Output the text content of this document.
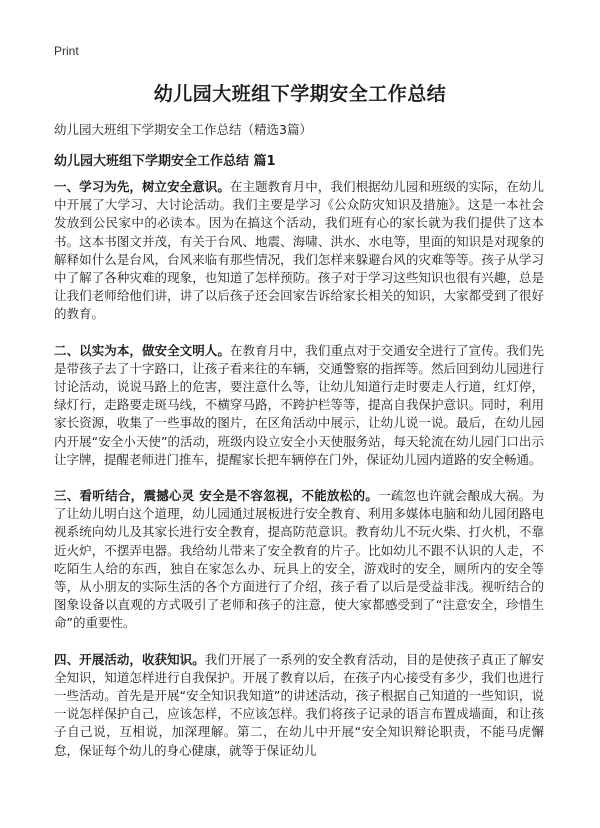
Print
幼儿园大班组下学期安全工作总结

幼儿园大班组下学期安全工作总结（精选3篇）

幼儿园大班组下学期安全工作总结 篇1

一、学习为先，树立安全意识。在主题教育月中，我们根据幼儿园和班级的实际，在幼儿中开展了大学习、大讨论活动。我们主要是学习《公众防灾知识及措施》。这是一本社会发放到公民家中的必读本。因为在搞这个活动，我们班有心的家长就为我们提供了这本书。这本书图文并茂，有关于台风、地震、海啸、洪水、水电等，里面的知识是对现象的解释如什么是台风，台风来临有那些情况，我们怎样来躲避台风的灾难等等。孩子从学习中了解了各种灾难的现象，也知道了怎样预防。孩子对于学习这些知识也很有兴趣，总是让我们老师给他们讲，讲了以后孩子还会回家告诉给家长相关的知识，大家都受到了很好的教育。

二、以实为本，做安全文明人。在教育月中，我们重点对于交通安全进行了宣传。我们先是带孩子去了十字路口，让孩子看来往的车辆，交通警察的指挥等。然后回到幼儿园进行讨论活动，说说马路上的危害，要注意什么等，让幼儿知道行走时要走人行道，红灯停，绿灯行，走路要走斑马线，不横穿马路，不跨护栏等等，提高自我保护意识。同时，利用家长资源，收集了一些事故的图片，在区角活动中展示，让幼儿说一说。最后，在幼儿园内开展“安全小天使”的活动，班级内设立安全小天使服务站，每天轮流在幼儿园门口出示让字牌，提醒老师进门推车，提醒家长把车辆停在门外，保证幼儿园内道路的安全畅通。

三、看听结合，震撼心灵 安全是不容忽视，不能放松的。一疏忽也许就会酿成大祸。为了让幼儿明白这个道理，幼儿园通过展板进行安全教育、利用多媒体电脑和幼儿园闭路电视系统向幼儿及其家长进行安全教育，提高防范意识。教育幼儿不玩火柴、打火机，不靠近火炉，不摆弄电器。我给幼儿带来了安全教育的片子。比如幼儿不跟不认识的人走，不吃陌生人给的东西，独自在家怎么办、玩具上的安全，游戏时的安全，厕所内的安全等等，从小朋友的实际生活的各个方面进行了介绍，孩子看了以后是受益非浅。视听结合的图象设备以直观的方式吸引了老师和孩子的注意，使大家都感受到了“注意安全，珍惜生命”的重要性。

四、开展活动，收获知识。我们开展了一系列的安全教育活动，目的是使孩子真正了解安全知识，知道怎样进行自我保护。开展了教育以后，在孩子内心接受有多少，我们也进行一些活动。首先是开展“安全知识我知道”的讲述活动，孩子根据自己知道的一些知识，说一说怎样保护自己，应该怎样，不应该怎样。我们将孩子记录的语言布置成墙面，和让孩子自己说，互相说，加深理解。第二，在幼儿中开展“安全知识辩论职责，不能马虎懈怠，保证每个幼儿的身心健康，就等于保证幼儿
